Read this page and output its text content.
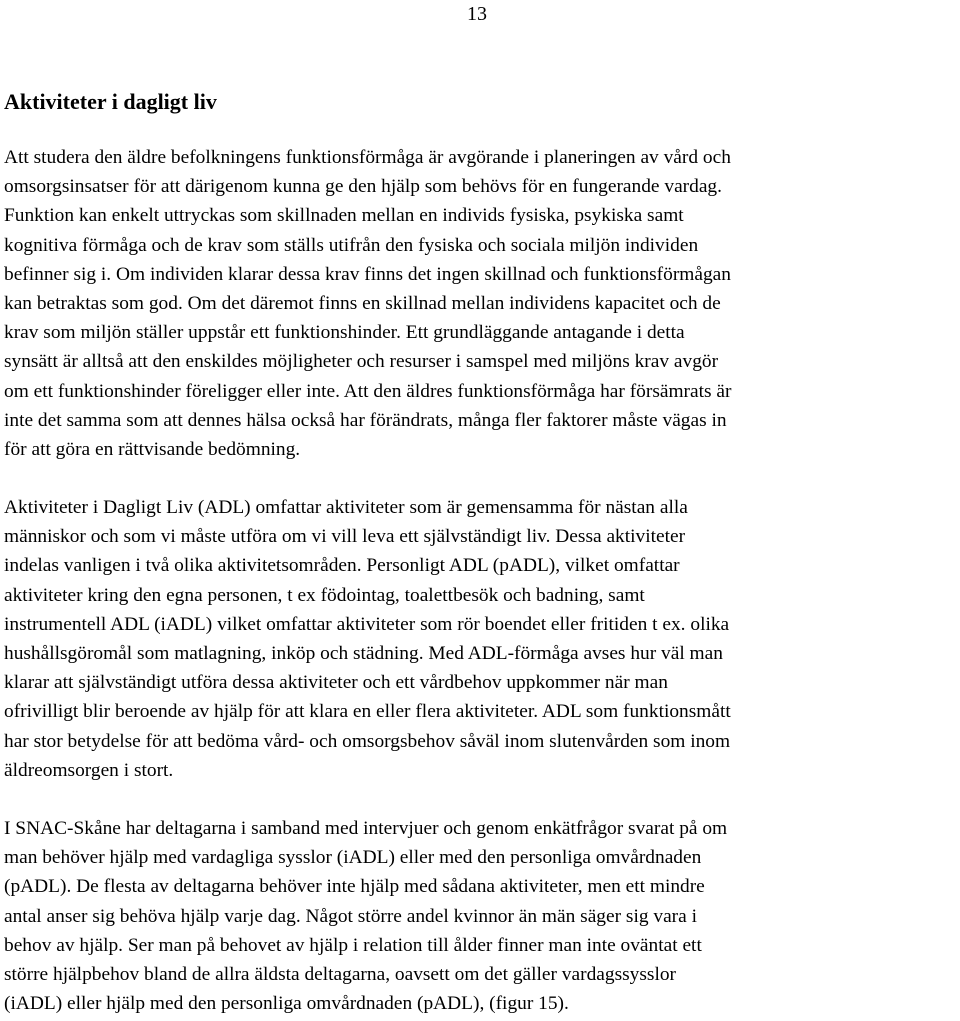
13
Aktiviteter i dagligt liv

Att studera den äldre befolkningens funktionsförmåga är avgörande i planeringen av vård och
omsorgsinsatser för att därigenom kunna ge den hjälp som behövs för en fungerande vardag.
Funktion kan enkelt uttryckas som skillnaden mellan en individs fysiska, psykiska samt
kognitiva förmåga och de krav som ställs utifrån den fysiska och sociala miljön individen
befinner sig i. Om individen klarar dessa krav finns det ingen skillnad och funktionsförmågan
kan betraktas som god. Om det däremot finns en skillnad mellan individens kapacitet och de
krav som miljön ställer uppstår ett funktionshinder. Ett grundläggande antagande i detta
synsätt är alltså att den enskildes möjligheter och resurser i samspel med miljöns krav avgör
om ett funktionshinder föreligger eller inte. Att den äldres funktionsförmåga har försämrats är
inte det samma som att dennes hälsa också har förändrats, många fler faktorer måste vägas in
för att göra en rättvisande bedömning.

Aktiviteter i Dagligt Liv (ADL) omfattar aktiviteter som är gemensamma för nästan alla
människor och som vi måste utföra om vi vill leva ett självständigt liv. Dessa aktiviteter
indelas vanligen i två olika aktivitetsområden. Personligt ADL (pADL), vilket omfattar
aktiviteter kring den egna personen, t ex födointag, toalettbesök och badning, samt
instrumentell ADL (iADL) vilket omfattar aktiviteter som rör boendet eller fritiden t ex. olika
hushållsgöromål som matlagning, inköp och städning. Med ADL-förmåga avses hur väl man
klarar att självständigt utföra dessa aktiviteter och ett vårdbehov uppkommer när man
ofrivilligt blir beroende av hjälp för att klara en eller flera aktiviteter. ADL som funktionsmått
har stor betydelse för att bedöma vård- och omsorgsbehov såväl inom slutenvården som inom
äldreomsorgen i stort.

I SNAC-Skåne har deltagarna i samband med intervjuer och genom enkätfrågor svarat på om
man behöver hjälp med vardagliga sysslor (iADL) eller med den personliga omvårdnaden
(pADL). De flesta av deltagarna behöver inte hjälp med sådana aktiviteter, men ett mindre
antal anser sig behöva hjälp varje dag. Något större andel kvinnor än män säger sig vara i
behov av hjälp. Ser man på behovet av hjälp i relation till ålder finner man inte oväntat ett
större hjälpbehov bland de allra äldsta deltagarna, oavsett om det gäller vardagssysslor
(iADL) eller hjälp med den personliga omvårdnaden (pADL), (figur 15).
